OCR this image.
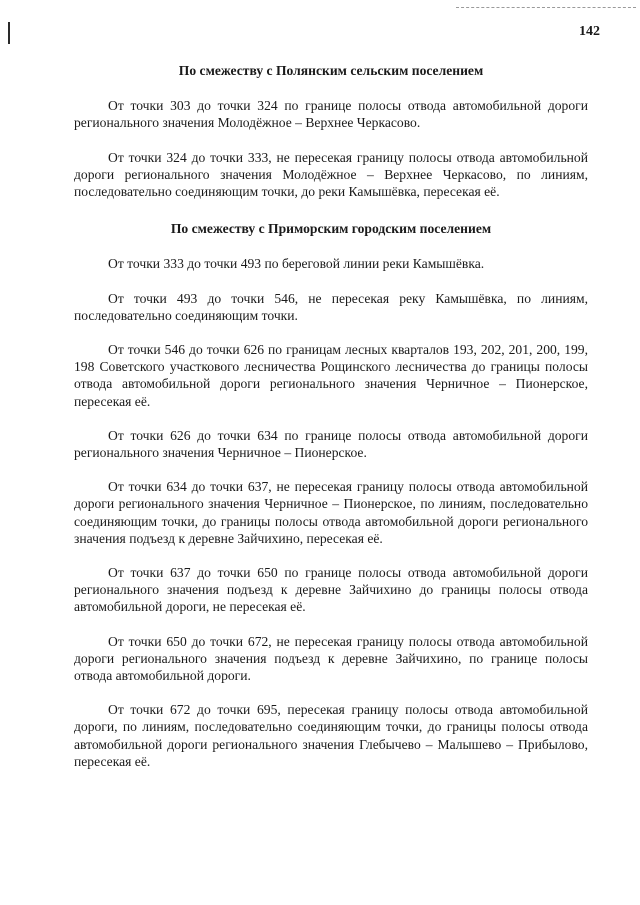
142
По смежеству с Полянским сельским поселением

От точки 303 до точки 324 по границе полосы отвода автомобильной дороги регионального значения Молодёжное – Верхнее Черкасово.

От точки 324 до точки 333, не пересекая границу полосы отвода автомобильной дороги регионального значения Молодёжное – Верхнее Черкасово, по линиям, последовательно соединяющим точки, до реки Камышёвка, пересекая её.

По смежеству с Приморским городским поселением

От точки 333 до точки 493 по береговой линии реки Камышёвка.

От точки 493 до точки 546, не пересекая реку Камышёвка, по линиям, последовательно соединяющим точки.

От точки 546 до точки 626 по границам лесных кварталов 193, 202, 201, 200, 199, 198 Советского участкового лесничества Рощинского лесничества до границы полосы отвода автомобильной дороги регионального значения Черничное – Пионерское, пересекая её.

От точки 626 до точки 634 по границе полосы отвода автомобильной дороги регионального значения Черничное – Пионерское.

От точки 634 до точки 637, не пересекая границу полосы отвода автомобильной дороги регионального значения Черничное – Пионерское, по линиям, последовательно соединяющим точки, до границы полосы отвода автомобильной дороги регионального значения подъезд к деревне Зайчихино, пересекая её.

От точки 637 до точки 650 по границе полосы отвода автомобильной дороги регионального значения подъезд к деревне Зайчихино до границы полосы отвода автомобильной дороги, не пересекая её.

От точки 650 до точки 672, не пересекая границу полосы отвода автомобильной дороги регионального значения подъезд к деревне Зайчихино, по границе полосы отвода автомобильной дороги.

От точки 672 до точки 695, пересекая границу полосы отвода автомобильной дороги, по линиям, последовательно соединяющим точки, до границы полосы отвода автомобильной дороги регионального значения Глебычево – Малышево – Прибылово, пересекая её.
